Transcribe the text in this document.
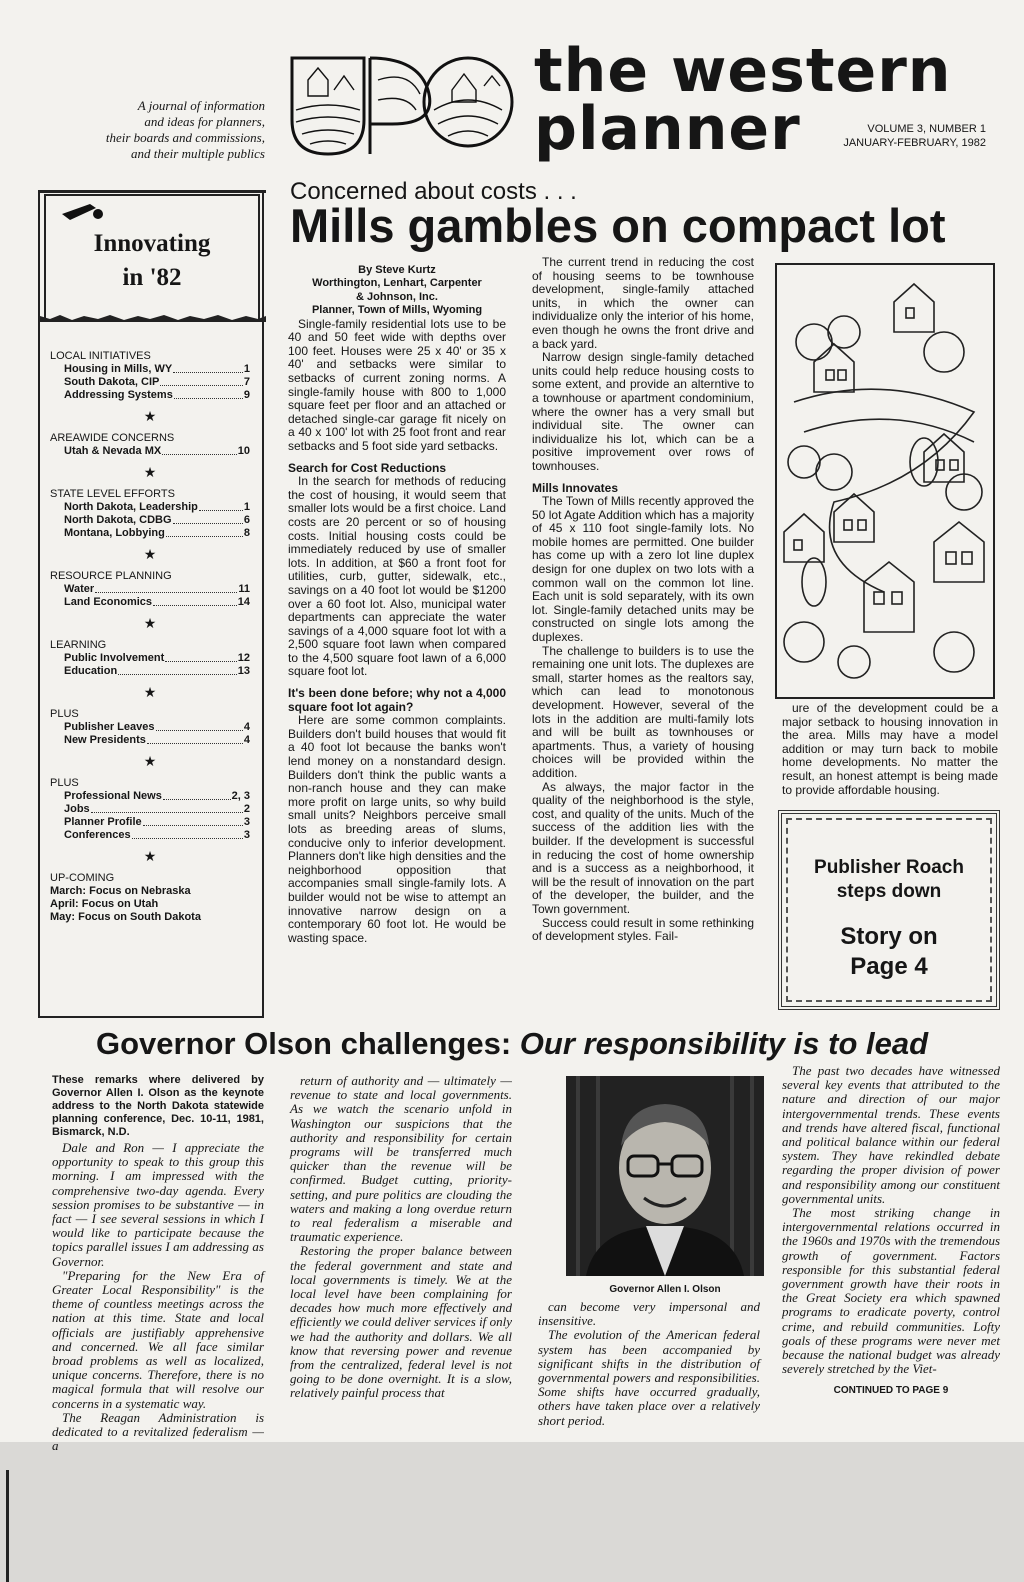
A journal of information
and ideas for planners,
their boards and commissions,
and their multiple publics
the western
planner	VOLUME 3, NUMBER 1
JANUARY-FEBRUARY, 1982
Innovating
in '82
LOCAL INITIATIVES
Housing in Mills, WY	1
South Dakota, CIP	7
Addressing Systems	9
★
AREAWIDE CONCERNS
Utah & Nevada MX	10
★
STATE LEVEL EFFORTS
North Dakota, Leadership	1
North Dakota, CDBG	6
Montana, Lobbying	8
★
RESOURCE PLANNING
Water	11
Land Economics	14
★
LEARNING
Public Involvement	12
Education	13
★
PLUS
Publisher Leaves	4
New Presidents	4
★
PLUS
Professional News	2, 3
Jobs	2
Planner Profile	3
Conferences	3
★
UP-COMING
March: Focus on Nebraska
April: Focus on Utah
May: Focus on South Dakota
Concerned about costs . . .
Mills gambles on compact lot
By Steve Kurtz
Worthington, Lenhart, Carpenter
& Johnson, Inc.
Planner, Town of Mills, Wyoming

Single-family residential lots use to be 40 and 50 feet wide with depths over 100 feet. Houses were 25 x 40' or 35 x 40' and setbacks were similar to setbacks of current zoning norms. A single-family house with 800 to 1,000 square feet per floor and an attached or detached single-car garage fit nicely on a 40 x 100' lot with 25 foot front and rear setbacks and 5 foot side yard setbacks.

Search for Cost Reductions

In the search for methods of reducing the cost of housing, it would seem that smaller lots would be a first choice. Land costs are 20 percent or so of housing costs. Initial housing costs could be immediately reduced by use of smaller lots. In addition, at $60 a front foot for utilities, curb, gutter, sidewalk, etc., savings on a 40 foot lot would be $1200 over a 60 foot lot. Also, municipal water departments can appreciate the water savings of a 4,000 square foot lot with a 2,500 square foot lawn when compared to the 4,500 square foot lawn of a 6,000 square foot lot.

It's been done before; why not a 4,000 square foot lot again?

Here are some common complaints. Builders don't build houses that would fit a 40 foot lot because the banks won't lend money on a nonstandard design. Builders don't think the public wants a non-ranch house and they can make more profit on large units, so why build small units? Neighbors perceive small lots as breeding areas of slums, conducive only to inferior development. Planners don't like high densities and the neighborhood opposition that accompanies small single-family lots. A builder would not be wise to attempt an innovative narrow design on a contemporary 60 foot lot. He would be wasting space.

The current trend in reducing the cost of housing seems to be townhouse development, single-family attached units, in which the owner can individualize only the interior of his home, even though he owns the front drive and a back yard.

Narrow design single-family detached units could help reduce housing costs to some extent, and provide an alterntive to a townhouse or apartment condominium, where the owner has a very small but individual site. The owner can individualize his lot, which can be a positive improvement over rows of townhouses.

Mills Innovates

The Town of Mills recently approved the 50 lot Agate Addition which has a majority of 45 x 110 foot single-family lots. No mobile homes are permitted. One builder has come up with a zero lot line duplex design for one duplex on two lots with a common wall on the common lot line. Each unit is sold separately, with its own lot. Single-family detached units may be constructed on single lots among the duplexes.

The challenge to builders is to use the remaining one unit lots. The duplexes are small, starter homes as the realtors say, which can lead to monotonous development. However, several of the lots in the addition are multi-family lots and will be built as townhouses or apartments. Thus, a variety of housing choices will be provided within the addition.

As always, the major factor in the quality of the neighborhood is the style, cost, and quality of the units. Much of the success of the addition lies with the builder. If the development is successful in reducing the cost of home ownership and is a success as a neighborhood, it will be the result of innovation on the part of the developer, the builder, and the Town government.

Success could result in some rethinking of development styles. Fail-

ure of the development could be a major setback to housing innovation in the area. Mills may have a model addition or may turn back to mobile home developments. No matter the result, an honest attempt is being made to provide affordable housing.

Publisher Roach
steps down
Story on
Page 4
Governor Olson challenges: Our responsibility is to lead

These remarks where delivered by Governor Allen I. Olson as the keynote address to the North Dakota statewide planning conference, Dec. 10-11, 1981, Bismarck, N.D.

Dale and Ron — I appreciate the opportunity to speak to this group this morning. I am impressed with the comprehensive two-day agenda. Every session promises to be substantive — in fact — I see several sessions in which I would like to participate because the topics parallel issues I am addressing as Governor.

"Preparing for the New Era of Greater Local Responsibility" is the theme of countless meetings across the nation at this time. State and local officials are justifiably apprehensive and concerned. We all face similar broad problems as well as localized, unique concerns. Therefore, there is no magical formula that will resolve our concerns in a systematic way.

The Reagan Administration is dedicated to a revitalized federalism — a

return of authority and — ultimately — revenue to state and local governments. As we watch the scenario unfold in Washington our suspicions that the authority and responsibility for certain programs will be transferred much quicker than the revenue will be confirmed. Budget cutting, priority-setting, and pure politics are clouding the waters and making a long overdue return to real federalism a miserable and traumatic experience.

Restoring the proper balance between the federal government and state and local governments is timely. We at the local level have been complaining for decades how much more effectively and efficiently we could deliver services if only we had the authority and dollars. We all know that reversing power and revenue from the centralized, federal level is not going to be done overnight. It is a slow, relatively painful process that

Governor Allen I. Olson

can become very impersonal and insensitive.

The evolution of the American federal system has been accompanied by significant shifts in the distribution of governmental powers and responsibilities. Some shifts have occurred gradually, others have taken place over a relatively short period.

The past two decades have witnessed several key events that attributed to the nature and direction of our major intergovernmental trends. These events and trends have altered fiscal, functional and political balance within our federal system. They have rekindled debate regarding the proper division of power and responsibility among our constituent governmental units.

The most striking change in intergovernmental relations occurred in the 1960s and 1970s with the tremendous growth of government. Factors responsible for this substantial federal government growth have their roots in the Great Society era which spawned programs to eradicate poverty, control crime, and rebuild communities. Lofty goals of these programs were never met because the national budget was already severely stretched by the Viet-

CONTINUED TO PAGE 9
